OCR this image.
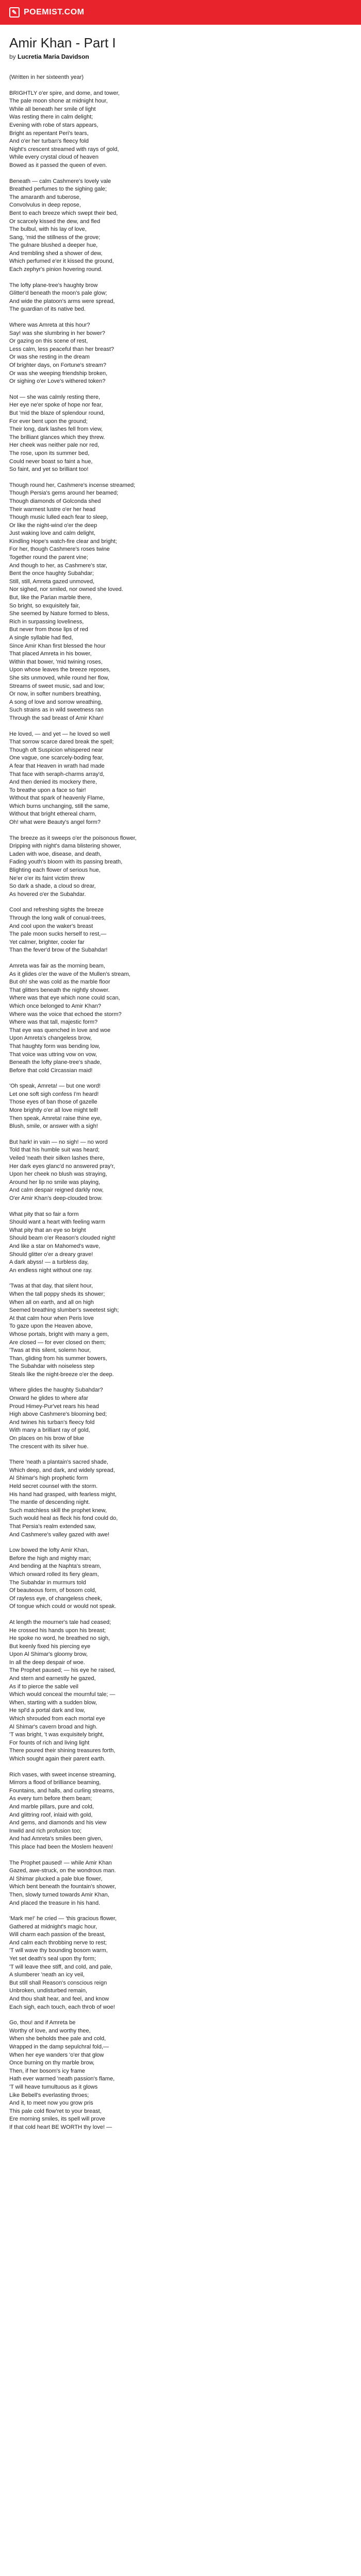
✎ POEMIST.COM
Amir Khan - Part I
by Lucretia Maria Davidson
(Written in her sixteenth year)
BRIGHTLY o'er spire, and dome, and tower,
The pale moon shone at midnight hour,
While all beneath her smile of light
Was resting there in calm delight;
Evening with robe of stars appears,
Bright as repentant Peri's tears,
And o'er her turban's fleecy fold
Night's crescent streamed with rays of gold,
While every crystal cloud of heaven
Bowed as it passed the queen of even.
Beneath — calm Cashmere's lovely vale
Breathed perfumes to the sighing gale;
The amaranth and tuberose,
Convolvulus in deep repose,
Bent to each breeze which swept their bed,
Or scarcely kissed the dew, and fled
The bulbul, with his lay of love,
Sang, 'mid the stillness of the grove;
The gulnare blushed a deeper hue,
And trembling shed a shower of dew,
Which perfumed e'er it kissed the ground,
Each zephyr's pinion hovering round.
The lofty plane-tree's haughty brow
Glitter'd beneath the moon's pale glow;
And wide the platoon's arms were spread,
The guardian of its native bed.
Where was Amreta at this hour?
Say! was she slumbring in her bower?
Or gazing on this scene of rest,
Less calm, less peaceful than her breast?
Or was she resting in the dream
Of brighter days, on Fortune's stream?
Or was she weeping friendship broken,
Or sighing o'er Love's withered token?
Not — she was calmly resting there,
Her eye ne'er spoke of hope nor fear,
But 'mid the blaze of splendour round,
For ever bent upon the ground;
Their long, dark lashes fell from view,
The brilliant glances which they threw.
Her cheek was neither pale nor red,
The rose, upon its summer bed,
Could never boast so faint a hue,
So faint, and yet so brilliant too!
Though round her, Cashmere's incense streamed;
Though Persia's gems around her beamed;
Though diamonds of Golconda shed
Their warmest lustre o'er her head
Though music lulled each fear to sleep,
Or like the night-wind o'er the deep
Just waking love and calm delight,
Kindling Hope's watch-fire clear and bright;
For her, though Cashmere's roses twine
Together round the parent vine;
And though to her, as Cashmere's star,
Bent the once haughty Subahdar;
Still, still, Amreta gazed unmoved,
Nor sighed, nor smiled, nor owned she loved.
But, like the Parian marble there,
So bright, so exquisitely fair,
She seemed by Nature formed to bless,
Rich in surpassing loveliness,
But never from those lips of red
A single syllable had fled,
Since Amir Khan first blessed the hour
That placed Amreta in his bower,
Within that bower, 'mid twining roses,
Upon whose leaves the breeze reposes,
She sits unmoved, while round her flow,
Streams of sweet music, sad and low;
Or now, in softer numbers breathing,
A song of love and sorrow wreathing,
Such strains as in wild sweetness ran
Through the sad breast of Amir Khan!
He loved, — and yet — he loved so well
That sorrow scarce dared break the spell;
Though oft Suspicion whispered near
One vague, one scarcely-boding fear,
A fear that Heaven in wrath had made
That face with seraph-charms array'd,
And then denied its mockery there,
To breathe upon a face so fair!
Without that spark of heavenly Flame,
Which burns unchanging, still the same,
Without that bright ethereal charm,
Oh! what were Beauty's angel form?
The breeze as it sweeps o'er the poisonous flower,
Dripping with night's dama blistering shower,
Laden with woe, disease, and death,
Fading youth's bloom with its passing breath,
Blighting each flower of serious hue,
Ne'er o'er its faint victim threw
So dark a shade, a cloud so drear,
As hovered o'er the Subahdar.
Cool and refreshing sights the breeze
Through the long walk of conual-trees,
And cool upon the waker's breast
The pale moon sucks herself to rest,—
Yet calmer, brighter, cooler far
Than the fever'd brow of the Subahdar!
Amreta was fair as the morning beam,
As it glides o'er the wave of the Mullen's stream,
But oh! she was cold as the marble floor
That glitters beneath the nightly shower.
Where was that eye which none could scan,
Which once belonged to Amir Khan?
Where was the voice that echoed the storm?
Where was that tall, majestic form?
That eye was quenched in love and woe
Upon Amreta's changeless brow,
That haughty form was bending low,
That voice was uttring vow on vow,
Beneath the lofty plane-tree's shade,
Before that cold Circassian maid!
'Oh speak, Amreta! — but one word!
Let one soft sigh confess I'm heard!
Those eyes of ban those of gazelle
More brightly o'er all love might tell!
Then speak, Amreta! raise thine eye,
Blush, smile, or answer with a sigh!
But hark! in vain — no sigh! — no word
Told that his humble suit was heard;
Veiled 'neath their silken lashes there,
Her dark eyes glanc'd no answered pray'r,
Upon her cheek no blush was straying,
Around her lip no smile was playing,
And calm despair reigned darkly now,
O'er Amir Khan's deep-clouded brow.
What pity that so fair a form
Should want a heart with feeling warm
What pity that an eye so bright
Should beam o'er Reason's clouded night!
And like a star on Mahomed's wave,
Should glitter o'er a dreary grave!
A dark abyss! — a turbless day,
An endless night without one ray.
'Twas at that day, that silent hour,
When the tall poppy sheds its shower;
When all on earth, and all on high
Seemed breathing slumber's sweetest sigh;
At that calm hour when Peris love
To gaze upon the Heaven above,
Whose portals, bright with many a gem,
Are closed — for ever closed on them;
'Twas at this silent, solemn hour,
Than, gliding from his summer bowers,
The Subahdar with noiseless step
Steals like the night-breeze o'er the deep.
Where glides the haughty Subahdar?
Onward he glides to where afar
Proud Himey-Pur'vet rears his head
High above Cashmere's blooming bed;
And twines his turban's fleecy fold
With many a brilliant ray of gold,
On places on his brow of blue
The crescent with its silver hue.
There 'neath a plantain's sacred shade,
Which deep, and dark, and widely spread,
Al Shimar's high prophetic form
Held secret counsel with the storm.
His hand had grasped, with fearless might,
The mantle of descending night.
Such matchless skill the prophet knew,
Such would heal as fleck his fond could do,
That Persia's realm extended saw,
And Cashmere's valley gazed with awe!
Low bowed the lofty Amir Khan,
Before the high and mighty man;
And bending at the Naphta's stream,
Which onward rolled its fiery gleam,
The Subahdar in murmurs told
Of beauteous form, of bosom cold,
Of rayless eye, of changeless cheek,
Of tongue which could or would not speak.
At length the mourner's tale had ceased;
He crossed his hands upon his breast;
He spoke no word, he breathed no sigh,
But keenly fixed his piercing eye
Upon Al Shimar's gloomy brow,
In all the deep despair of woe.
The Prophet paused; — his eye he raised,
And stern and earnestly he gazed,
As if to pierce the sable veil
Which would conceal the mournful tale; —
When, starting with a sudden blow,
He spl'd a portal dark and low,
Which shrouded from each mortal eye
Al Shimar's cavern broad and high.
'T was bright, 't was exquisitely bright,
For founts of rich and living light
There poured their shining treasures forth,
Which sought again their parent earth.
Rich vases, with sweet incense streaming,
Mirrors a flood of brilliance beaming,
Fountains, and halls, and curling streams,
As every turn before them beam;
And marble pillars, pure and cold,
And glittring roof, inlaid with gold,
And gems, and diamonds and his view
Inwild and rich profusion too;
And had Amreta's smiles been given,
This place had been the Moslem heaven!
The Prophet paused! — while Amir Khan
Gazed, awe-struck, on the wondrous man.
Al Shimar plucked a pale blue flower,
Which bent beneath the fountain's shower,
Then, slowly turned towards Amir Khan,
And placed the treasure in his hand.
'Mark me!' he cried — 'this gracious flower,
Gathered at midnight's magic hour,
Will charm each passion of the breast,
And calm each throbbing nerve to rest;
'T will wave thy bounding bosom warm,
Yet set death's seal upon thy form;
'T will leave thee stiff, and cold, and pale,
A slumberer 'neath an icy veil,
But still shall Reason's conscious reign
Unbroken, undisturbed remain,
And thou shalt hear, and feel, and know
Each sigh, each touch, each throb of woe!
Go, thou! and if Amreta be
Worthy of love, and worthy thee,
When she beholds thee pale and cold,
Wrapped in the damp sepulchral fold,—
When her eye wanders 'o'er that glow
Once burning on thy marble brow,
Then, if her bosom's icy frame
Hath ever warmed 'neath passion's flame,
'T will heave tumultuous as it glows
Like Bebell's everlasting throes;
And it, to meet now you grow pris
This pale cold flow'ret to your breast,
Ere morning smiles, its spell will prove
If that cold heart BE WORTH thy love! —
